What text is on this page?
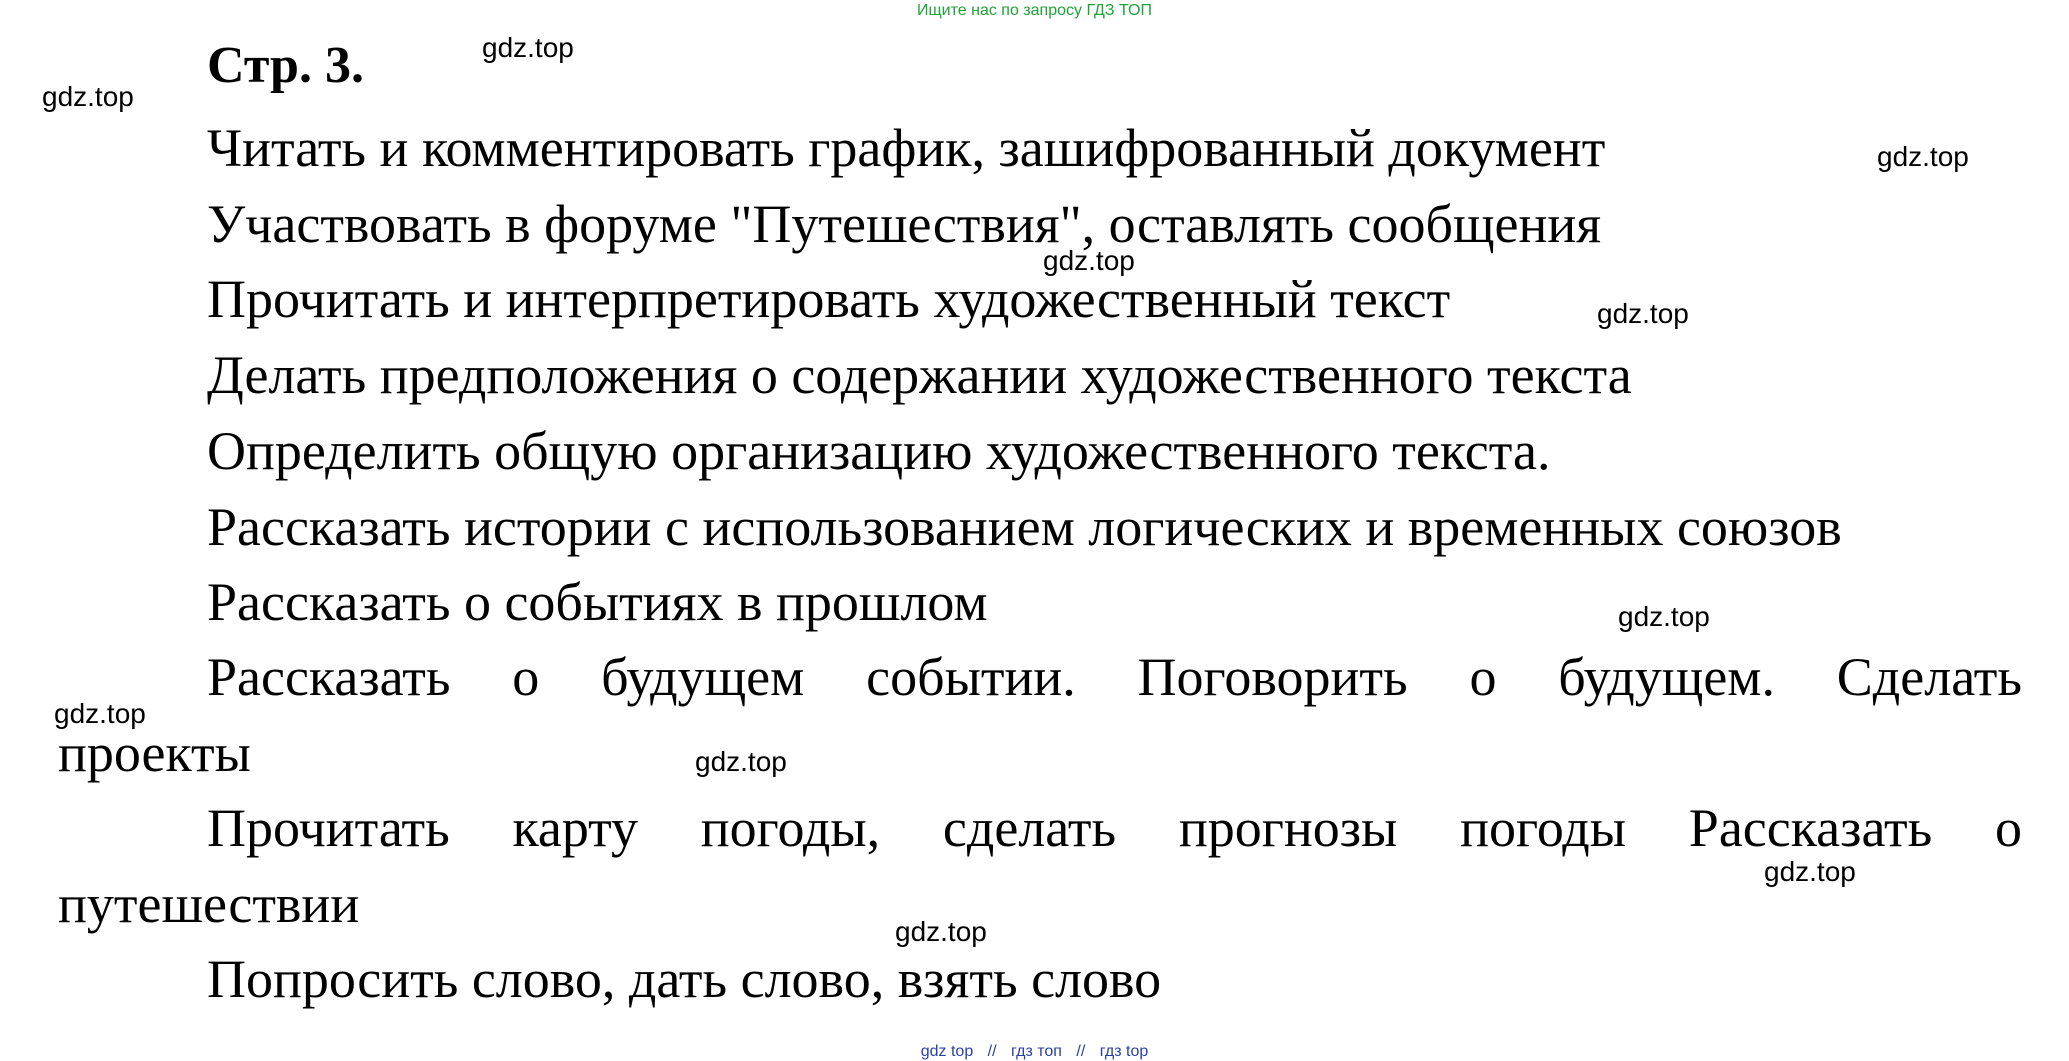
Ищите нас по запросу ГДЗ ТОП
Стр. 3.
Читать и комментировать график, зашифрованный документ
Участвовать в форуме "Путешествия", оставлять сообщения
Прочитать и интерпретировать художественный текст
Делать предположения о содержании художественного текста
Определить общую организацию художественного текста.
Рассказать истории с использованием логических и временных союзов
Рассказать о событиях в прошлом
Рассказать о будущем событии. Поговорить о будущем. Сделать
проекты
Прочитать карту погоды, сделать прогнозы погоды Рассказать о
путешествии
Попросить слово, дать слово, взять слово
gdz.top
gdz.top
gdz.top
gdz.top
gdz.top
gdz.top
gdz.top
gdz.top
gdz.top
gdz.top
gdz top // гдз топ // гдз top
